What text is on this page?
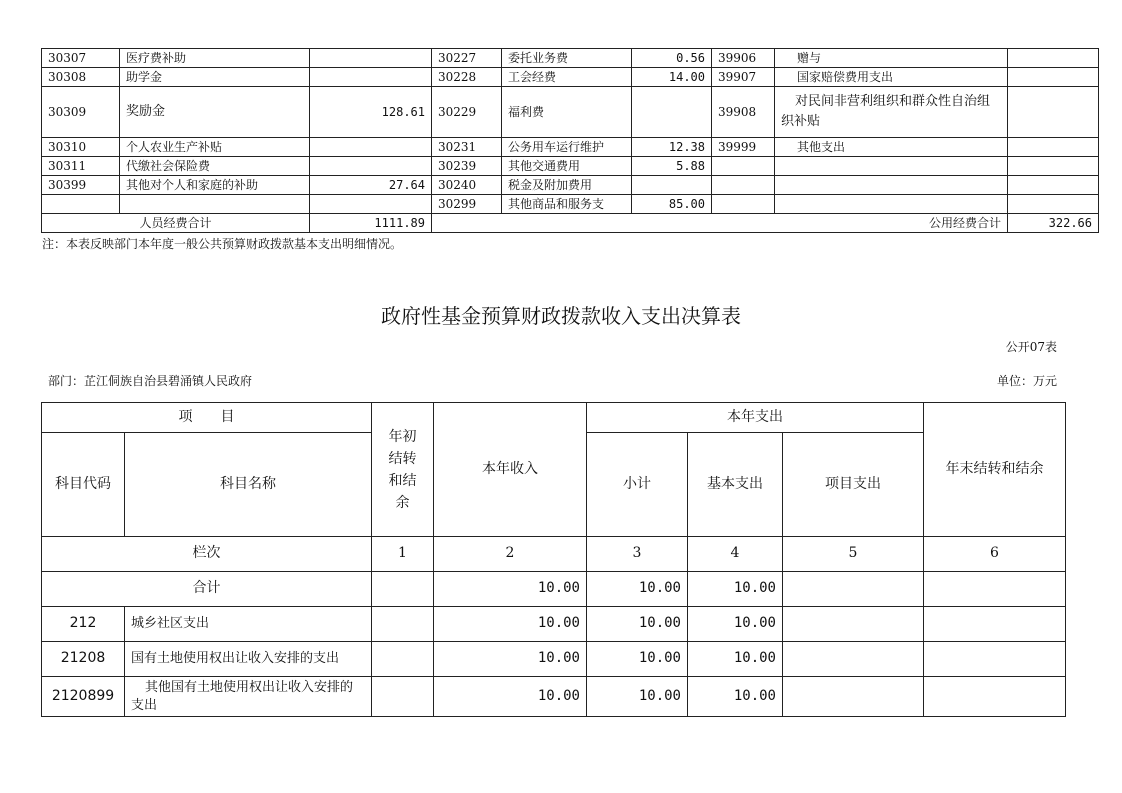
30307	医疗费补助		30227	委托业务费	0.56	39906	赠与	
30308	助学金		30228	工会经费	14.00	39907	国家赔偿费用支出	
30309	奖励金	128.61	30229	福利费		39908	对民间非营利组织和群众性自治组织补贴	
30310	个人农业生产补贴		30231	公务用车运行维护	12.38	39999	其他支出	
30311	代缴社会保险费		30239	其他交通费用	5.88			
30399	其他对个人和家庭的补助	27.64	30240	税金及附加费用				
			30299	其他商品和服务支	85.00			
人员经费合计		1111.89	公用经费合计					322.66
注：本表反映部门本年度一般公共预算财政拨款基本支出明细情况。
政府性基金预算财政拨款收入支出决算表
公开07表
部门：芷江侗族自治县碧涌镇人民政府	单位：万元
项　　目		年初结转和结余	本年收入	本年支出			年末结转和结余
科目代码	科目名称			小计	基本支出	项目支出	
栏次		1	2	3	4	5	6
合计			10.00	10.00	10.00		
212	城乡社区支出		10.00	10.00	10.00		
21208	国有土地使用权出让收入安排的支出		10.00	10.00	10.00		
2120899	其他国有土地使用权出让收入安排的支出		10.00	10.00	10.00		
